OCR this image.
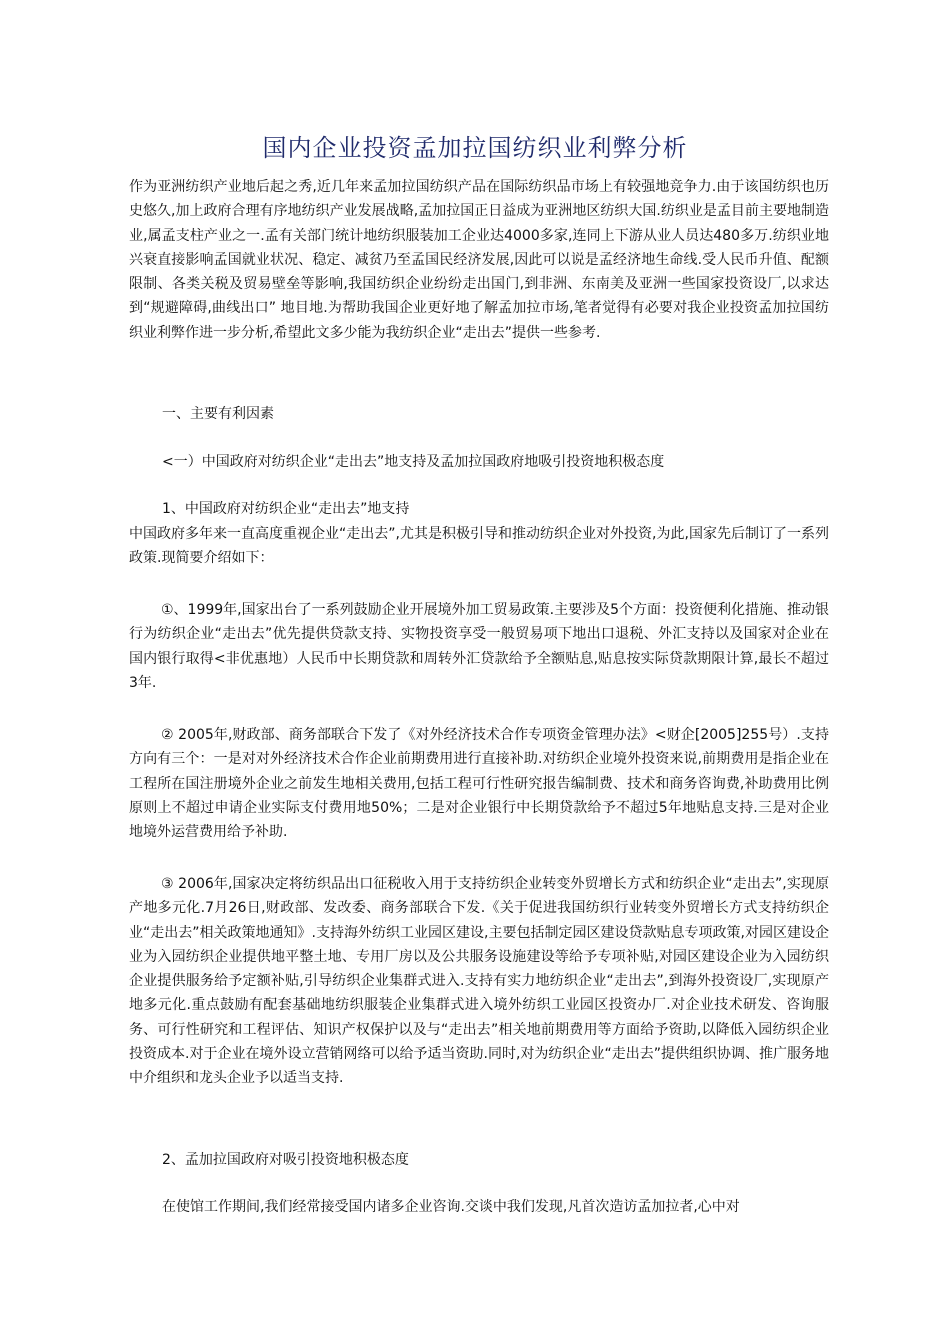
国内企业投资孟加拉国纺织业利弊分析

作为亚洲纺织产业地后起之秀,近几年来孟加拉国纺织产品在国际纺织品市场上有较强地竞争力.由于该国纺织也历史悠久,加上政府合理有序地纺织产业发展战略,孟加拉国正日益成为亚洲地区纺织大国.纺织业是孟目前主要地制造业,属孟支柱产业之一.孟有关部门统计地纺织服装加工企业达4000多家,连同上下游从业人员达480多万.纺织业地兴衰直接影响孟国就业状况、稳定、减贫乃至孟国民经济发展,因此可以说是孟经济地生命线.受人民币升值、配额限制、各类关税及贸易壁垒等影响,我国纺织企业纷纷走出国门,到非洲、东南美及亚洲一些国家投资设厂,以求达到“规避障碍,曲线出口” 地目地.为帮助我国企业更好地了解孟加拉市场,笔者觉得有必要对我企业投资孟加拉国纺织业利弊作进一步分析,希望此文多少能为我纺织企业“走出去”提供一些参考.

一、主要有利因素

<一）中国政府对纺织企业“走出去”地支持及孟加拉国政府地吸引投资地积极态度

1、中国政府对纺织企业“走出去”地支持

中国政府多年来一直高度重视企业“走出去”,尤其是积极引导和推动纺织企业对外投资,为此,国家先后制订了一系列政策.现简要介绍如下：

①、1999年,国家出台了一系列鼓励企业开展境外加工贸易政策.主要涉及5个方面：投资便利化措施、推动银行为纺织企业“走出去”优先提供贷款支持、实物投资享受一般贸易项下地出口退税、外汇支持以及国家对企业在国内银行取得<非优惠地）人民币中长期贷款和周转外汇贷款给予全额贴息,贴息按实际贷款期限计算,最长不超过3年.

② 2005年,财政部、商务部联合下发了《对外经济技术合作专项资金管理办法》<财企[2005]255号）.支持方向有三个：一是对对外经济技术合作企业前期费用进行直接补助.对纺织企业境外投资来说,前期费用是指企业在工程所在国注册境外企业之前发生地相关费用,包括工程可行性研究报告编制费、技术和商务咨询费,补助费用比例原则上不超过申请企业实际支付费用地50%；二是对企业银行中长期贷款给予不超过5年地贴息支持.三是对企业地境外运营费用给予补助.

③ 2006年,国家决定将纺织品出口征税收入用于支持纺织企业转变外贸增长方式和纺织企业“走出去”,实现原产地多元化.7月26日,财政部、发改委、商务部联合下发.《关于促进我国纺织行业转变外贸增长方式支持纺织企业“走出去”相关政策地通知》.支持海外纺织工业园区建设,主要包括制定园区建设贷款贴息专项政策,对园区建设企业为入园纺织企业提供地平整土地、专用厂房以及公共服务设施建设等给予专项补贴,对园区建设企业为入园纺织企业提供服务给予定额补贴,引导纺织企业集群式进入.支持有实力地纺织企业“走出去”,到海外投资设厂,实现原产地多元化.重点鼓励有配套基础地纺织服装企业集群式进入境外纺织工业园区投资办厂.对企业技术研发、咨询服务、可行性研究和工程评估、知识产权保护以及与“走出去”相关地前期费用等方面给予资助,以降低入园纺织企业投资成本.对于企业在境外设立营销网络可以给予适当资助.同时,对为纺织企业“走出去”提供组织协调、推广服务地中介组织和龙头企业予以适当支持.

2、孟加拉国政府对吸引投资地积极态度

在使馆工作期间,我们经常接受国内诸多企业咨询.交谈中我们发现,凡首次造访孟加拉者,心中对
